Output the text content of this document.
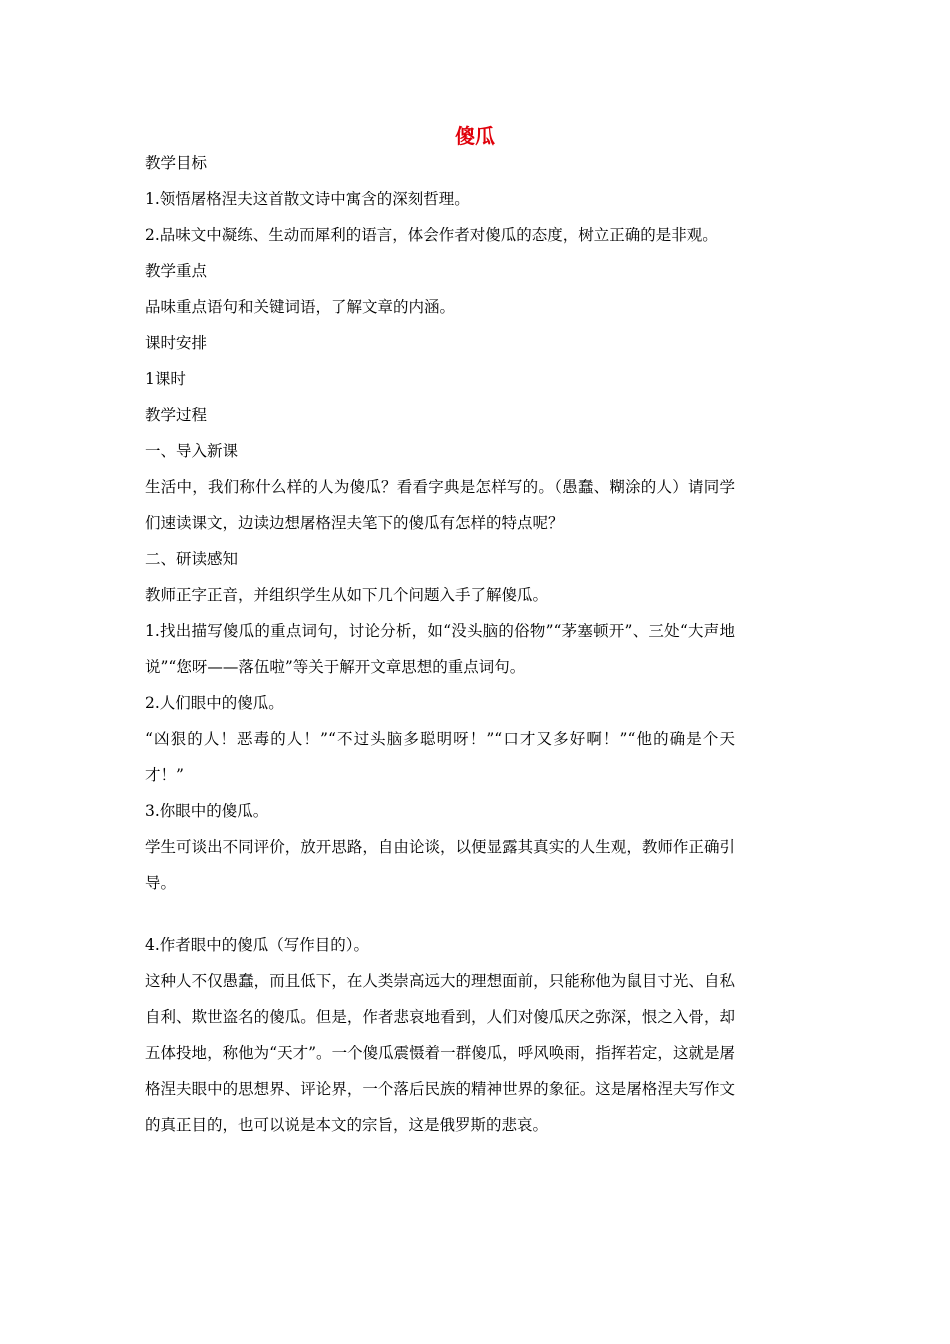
傻瓜

教学目标

1.领悟屠格涅夫这首散文诗中寓含的深刻哲理。

2.品味文中凝练、生动而犀利的语言，体会作者对傻瓜的态度，树立正确的是非观。

教学重点

品味重点语句和关键词语，了解文章的内涵。

课时安排

1课时

教学过程

一、导入新课

生活中，我们称什么样的人为傻瓜？看看字典是怎样写的。（愚蠢、糊涂的人）请同学们速读课文，边读边想屠格涅夫笔下的傻瓜有怎样的特点呢？

二、研读感知

教师正字正音，并组织学生从如下几个问题入手了解傻瓜。

1.找出描写傻瓜的重点词句，讨论分析，如“没头脑的俗物”“茅塞顿开”、三处“大声地说”“您呀——落伍啦”等关于解开文章思想的重点词句。

2.人们眼中的傻瓜。

“凶狠的人！恶毒的人！”“不过头脑多聪明呀！”“口才又多好啊！”“他的确是个天才！”

3.你眼中的傻瓜。

学生可谈出不同评价，放开思路，自由论谈，以便显露其真实的人生观，教师作正确引导。

4.作者眼中的傻瓜（写作目的）。

这种人不仅愚蠢，而且低下，在人类崇高远大的理想面前，只能称他为鼠目寸光、自私自利、欺世盗名的傻瓜。但是，作者悲哀地看到，人们对傻瓜厌之弥深，恨之入骨，却五体投地，称他为“天才”。一个傻瓜震慑着一群傻瓜，呼风唤雨，指挥若定，这就是屠格涅夫眼中的思想界、评论界，一个落后民族的精神世界的象征。这是屠格涅夫写作文的真正目的，也可以说是本文的宗旨，这是俄罗斯的悲哀。
